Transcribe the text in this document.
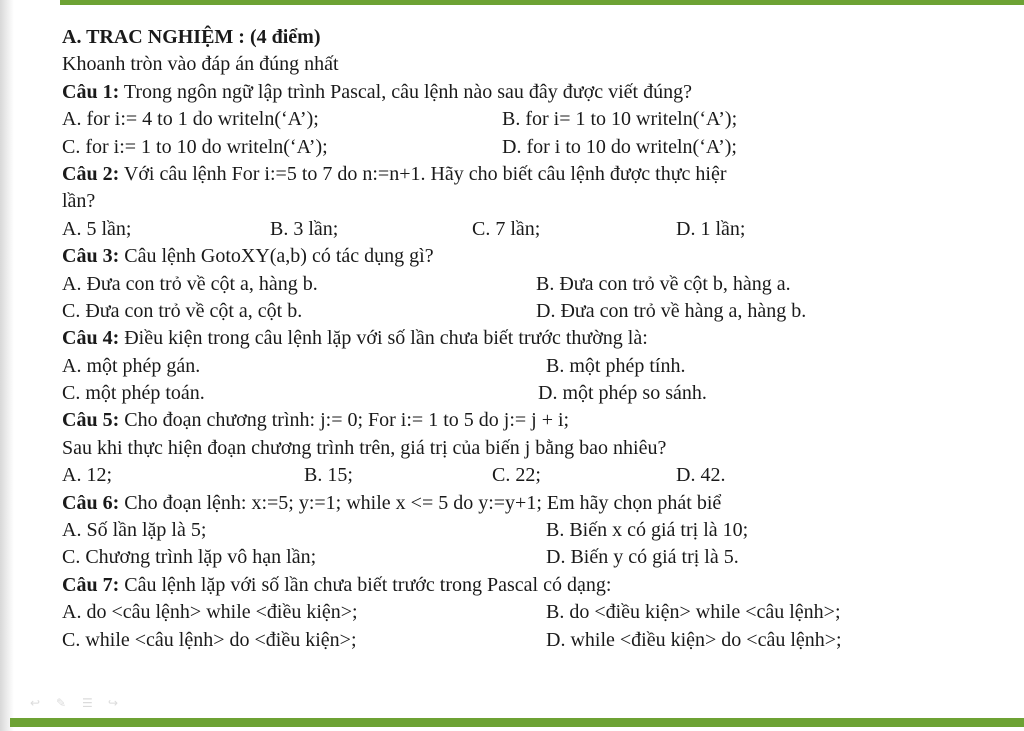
A. TRAC NGHIỆM : (4 điểm)
Khoanh tròn vào đáp án đúng nhất
Câu 1: Trong ngôn ngữ lập trình Pascal, câu lệnh nào sau đây được viết đúng?
A. for i:= 4 to 1 do writeln(‘A’);	B. for i= 1 to 10 writeln(‘A’);
C. for i:= 1 to 10 do writeln(‘A’);	D. for i to 10 do writeln(‘A’);
Câu 2: Với câu lệnh For i:=5 to 7 do n:=n+1. Hãy cho biết câu lệnh được thực hiệr
lần?
A. 5 lần;	B. 3 lần;	C. 7 lần;	D. 1 lần;
Câu 3: Câu lệnh GotoXY(a,b) có tác dụng gì?
A. Đưa con trỏ về cột a, hàng b.	B. Đưa con trỏ về cột b, hàng a.
C. Đưa con trỏ về cột a, cột b.	D. Đưa con trỏ về hàng a, hàng b.
Câu 4: Điều kiện trong câu lệnh lặp với số lần chưa biết trước thường là:
A. một phép gán.	B. một phép tính.
C. một phép toán.	D. một phép so sánh.
Câu 5: Cho đoạn chương trình: j:= 0; For i:= 1 to 5 do j:= j + i;
Sau khi thực hiện đoạn chương trình trên, giá trị của biến j bằng bao nhiêu?
A. 12;	B. 15;	C. 22;	D. 42.
Câu 6: Cho đoạn lệnh: x:=5; y:=1; while x <= 5 do y:=y+1; Em hãy chọn phát biể
A. Số lần lặp là 5;	B. Biến x có giá trị là 10;
C. Chương trình lặp vô hạn lần;	D. Biến y có giá trị là 5.
Câu 7: Câu lệnh lặp với số lần chưa biết trước trong Pascal có dạng:
A. do <câu lệnh> while <điều kiện>;	B. do <điều kiện> while <câu lệnh>;
C. while <câu lệnh> do <điều kiện>;	D. while <điều kiện> do <câu lệnh>;
↩	✎	☰	↪
